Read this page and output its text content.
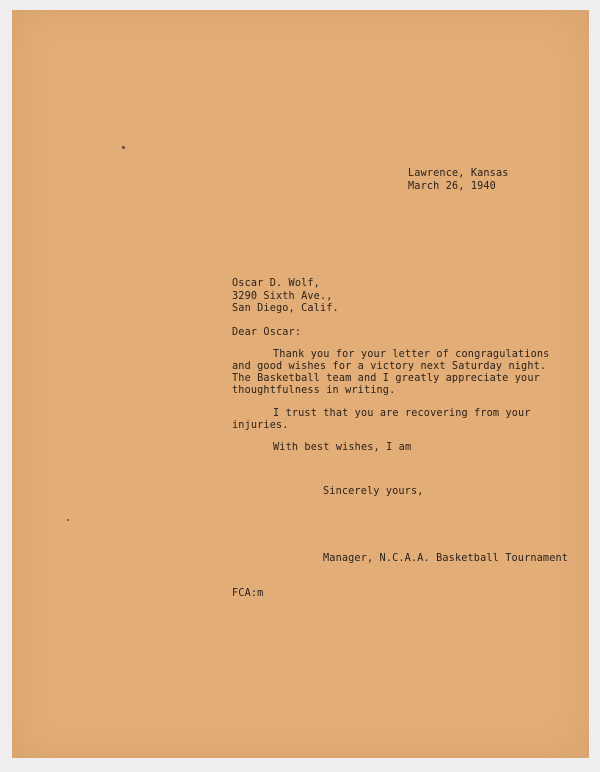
Lawrence, Kansas

March 26, 1940

Oscar D. Wolf,

3290 Sixth Ave.,

San Diego, Calif.

Dear Oscar:

Thank you for your letter of congragulations

and good wishes for a victory next Saturday night.

The Basketball team and I greatly appreciate your

thoughtfulness in writing.

I trust that you are recovering from your

injuries.

With best wishes, I am

Sincerely yours,

Manager, N.C.A.A. Basketball Tournament

FCA:m
